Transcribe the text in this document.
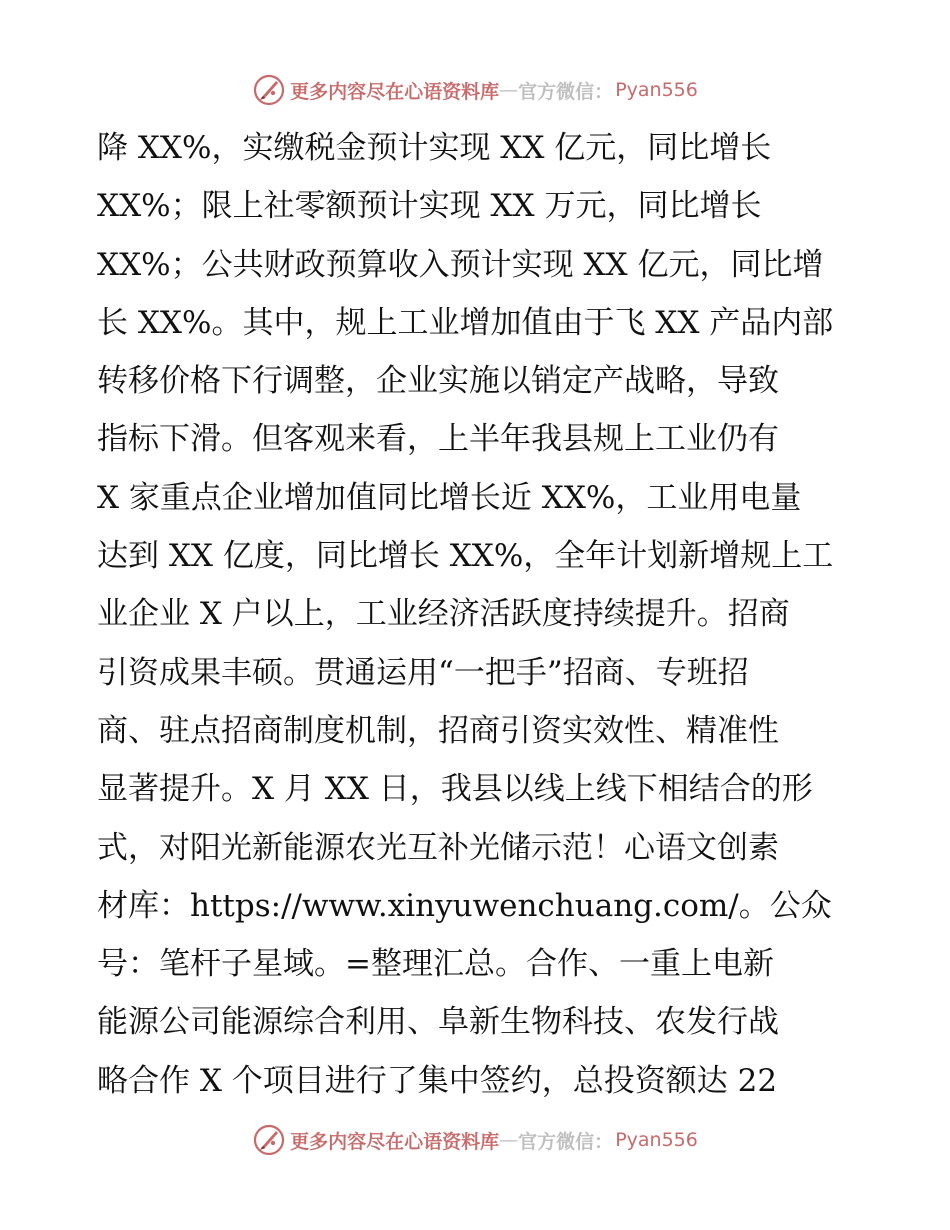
更多内容尽在心语资料库 — 官方微信： Pyan556
降 XX%，实缴税金预计实现 XX 亿元，同比增长
XX%；限上社零额预计实现 XX 万元，同比增长
XX%；公共财政预算收入预计实现 XX 亿元，同比增
长 XX%。其中，规上工业增加值由于飞 XX 产品内部
转移价格下行调整，企业实施以销定产战略，导致
指标下滑。但客观来看，上半年我县规上工业仍有
X 家重点企业增加值同比增长近 XX%，工业用电量
达到 XX 亿度，同比增长 XX%，全年计划新增规上工
业企业 X 户以上，工业经济活跃度持续提升。招商
引资成果丰硕。贯通运用“一把手”招商、专班招
商、驻点招商制度机制，招商引资实效性、精准性
显著提升。X 月 XX 日，我县以线上线下相结合的形
式，对阳光新能源农光互补光储示范！心语文创素
材库：https://www.xinyuwenchuang.com/。公众
号：笔杆子星域。=整理汇总。合作、一重上电新
能源公司能源综合利用、阜新生物科技、农发行战
略合作 X 个项目进行了集中签约，总投资额达 22
更多内容尽在心语资料库 — 官方微信： Pyan556
